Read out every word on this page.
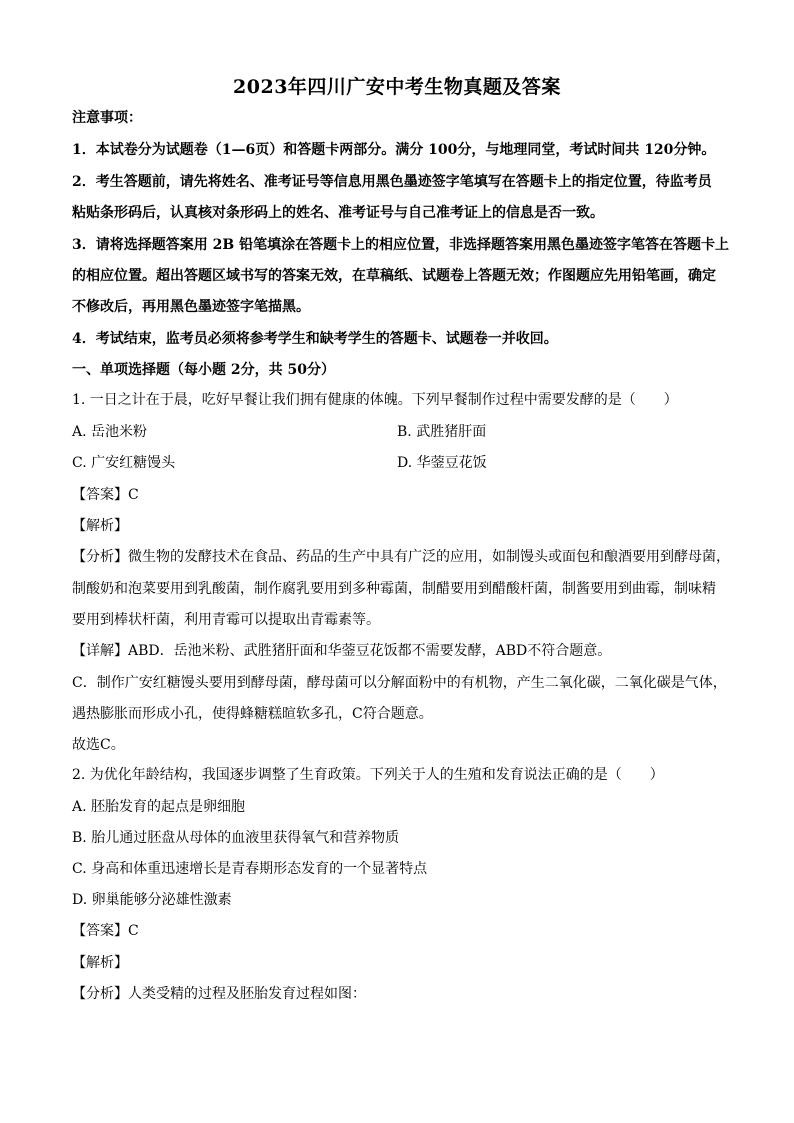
2023年四川广安中考生物真题及答案
注意事项：
1．本试卷分为试题卷（1—6页）和答题卡两部分。满分 100分，与地理同堂，考试时间共 120分钟。
2．考生答题前，请先将姓名、准考证号等信息用黑色墨迹签字笔填写在答题卡上的指定位置，待监考员
粘贴条形码后，认真核对条形码上的姓名、准考证号与自己准考证上的信息是否一致。
3．请将选择题答案用 2B 铅笔填涂在答题卡上的相应位置，非选择题答案用黑色墨迹签字笔答在答题卡上
的相应位置。超出答题区域书写的答案无效，在草稿纸、试题卷上答题无效；作图题应先用铅笔画，确定
不修改后，再用黑色墨迹签字笔描黑。
4．考试结束，监考员必须将参考学生和缺考学生的答题卡、试题卷一并收回。
一、单项选择题（每小题 2分，共 50分）
1. 一日之计在于晨，吃好早餐让我们拥有健康的体魄。下列早餐制作过程中需要发酵的是（　　）
A. 岳池米粉	B. 武胜猪肝面
C. 广安红糖馒头	D. 华蓥豆花饭
【答案】C
【解析】
【分析】微生物的发酵技术在食品、药品的生产中具有广泛的应用，如制馒头或面包和酿酒要用到酵母菌，
制酸奶和泡菜要用到乳酸菌，制作腐乳要用到多种霉菌，制醋要用到醋酸杆菌，制酱要用到曲霉，制味精
要用到棒状杆菌，利用青霉可以提取出青霉素等。
【详解】ABD．岳池米粉、武胜猪肝面和华蓥豆花饭都不需要发酵，ABD不符合题意。
C．制作广安红糖馒头要用到酵母菌，酵母菌可以分解面粉中的有机物，产生二氧化碳，二氧化碳是气体，
遇热膨胀而形成小孔，使得蜂糖糕暄软多孔，C符合题意。
故选C。
2. 为优化年龄结构，我国逐步调整了生育政策。下列关于人的生殖和发育说法正确的是（　　）
A. 胚胎发育的起点是卵细胞
B. 胎儿通过胚盘从母体的血液里获得氧气和营养物质
C. 身高和体重迅速增长是青春期形态发育的一个显著特点
D. 卵巢能够分泌雄性激素
【答案】C
【解析】
【分析】人类受精的过程及胚胎发育过程如图：
